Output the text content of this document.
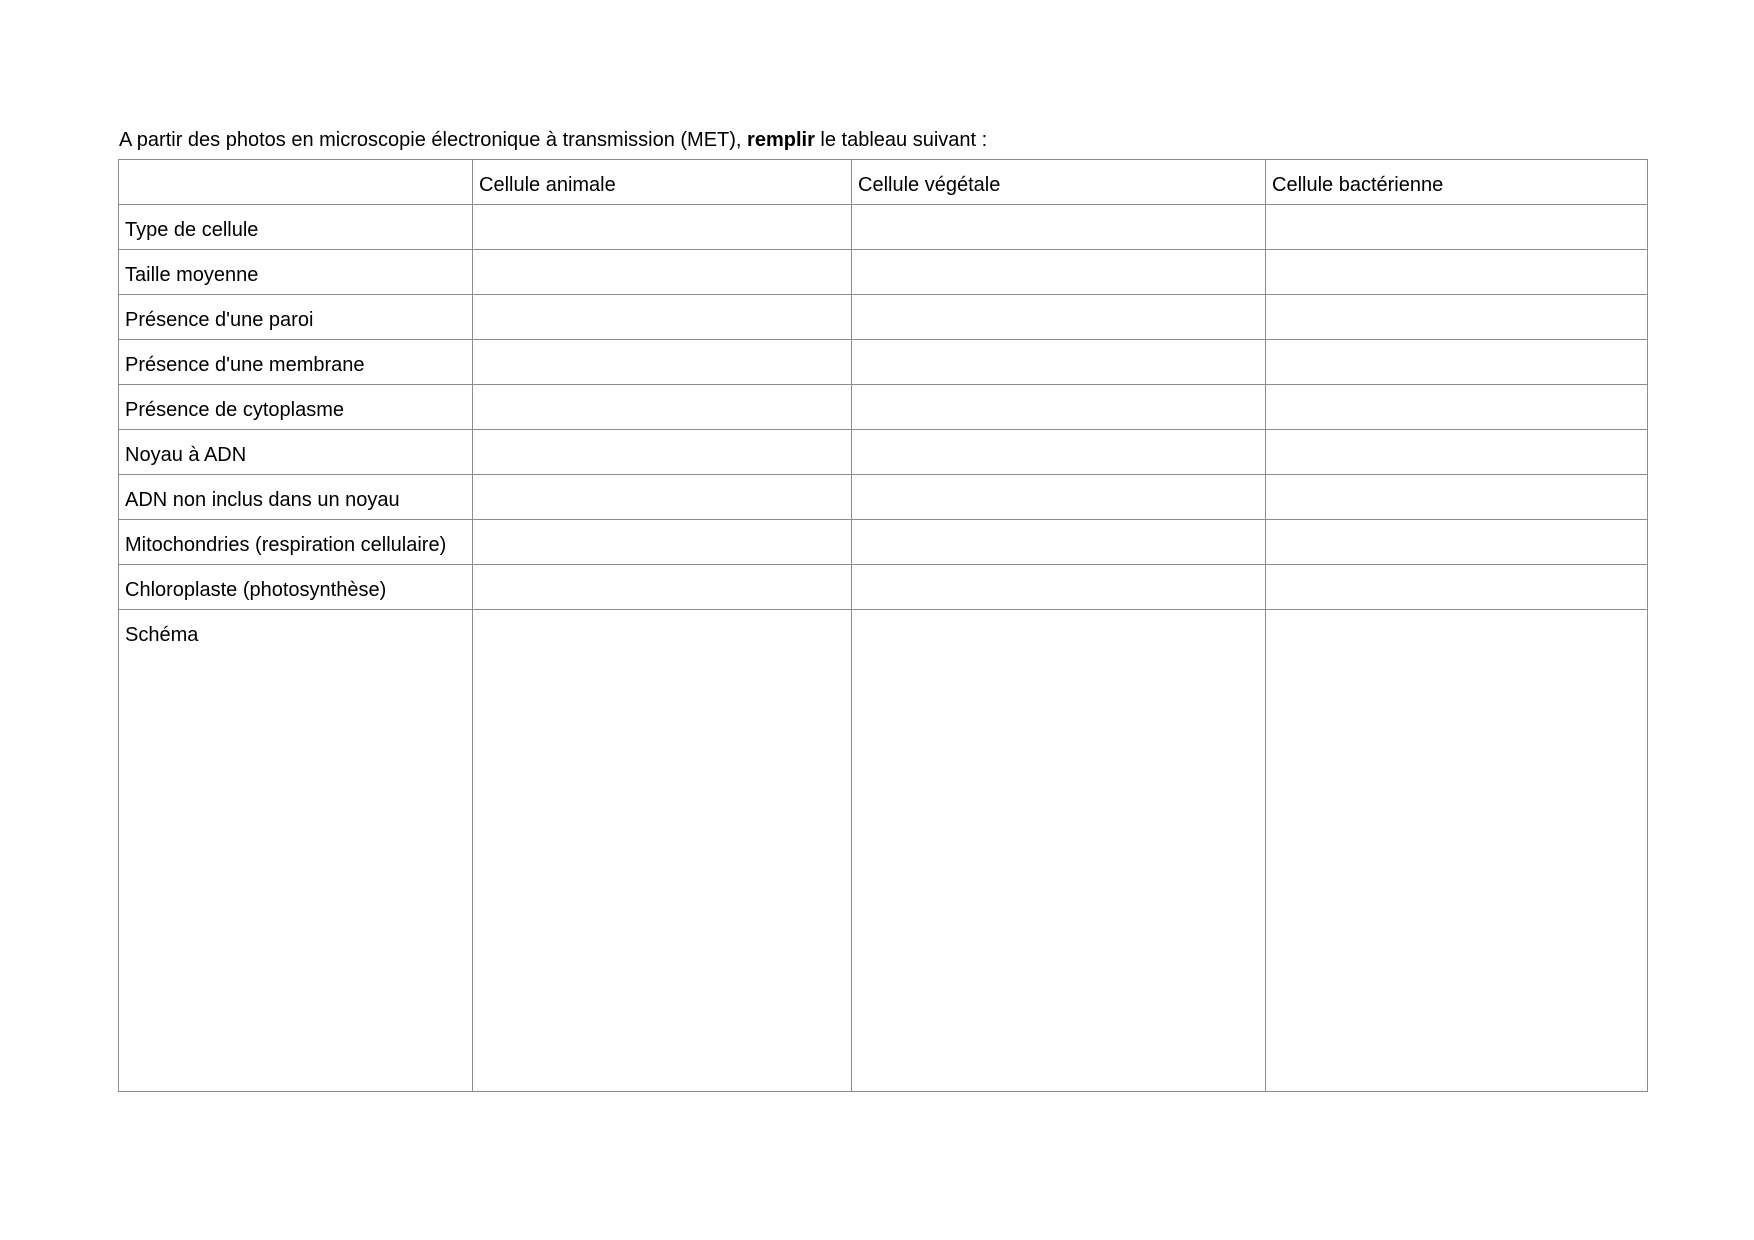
A partir des photos en microscopie électronique à transmission (MET), remplir le tableau suivant :
	Cellule animale	Cellule végétale	Cellule bactérienne
Type de cellule			
Taille moyenne			
Présence d'une paroi			
Présence d'une membrane			
Présence de cytoplasme			
Noyau à ADN			
ADN non inclus dans un noyau			
Mitochondries (respiration cellulaire)			
Chloroplaste (photosynthèse)			
Schéma			
